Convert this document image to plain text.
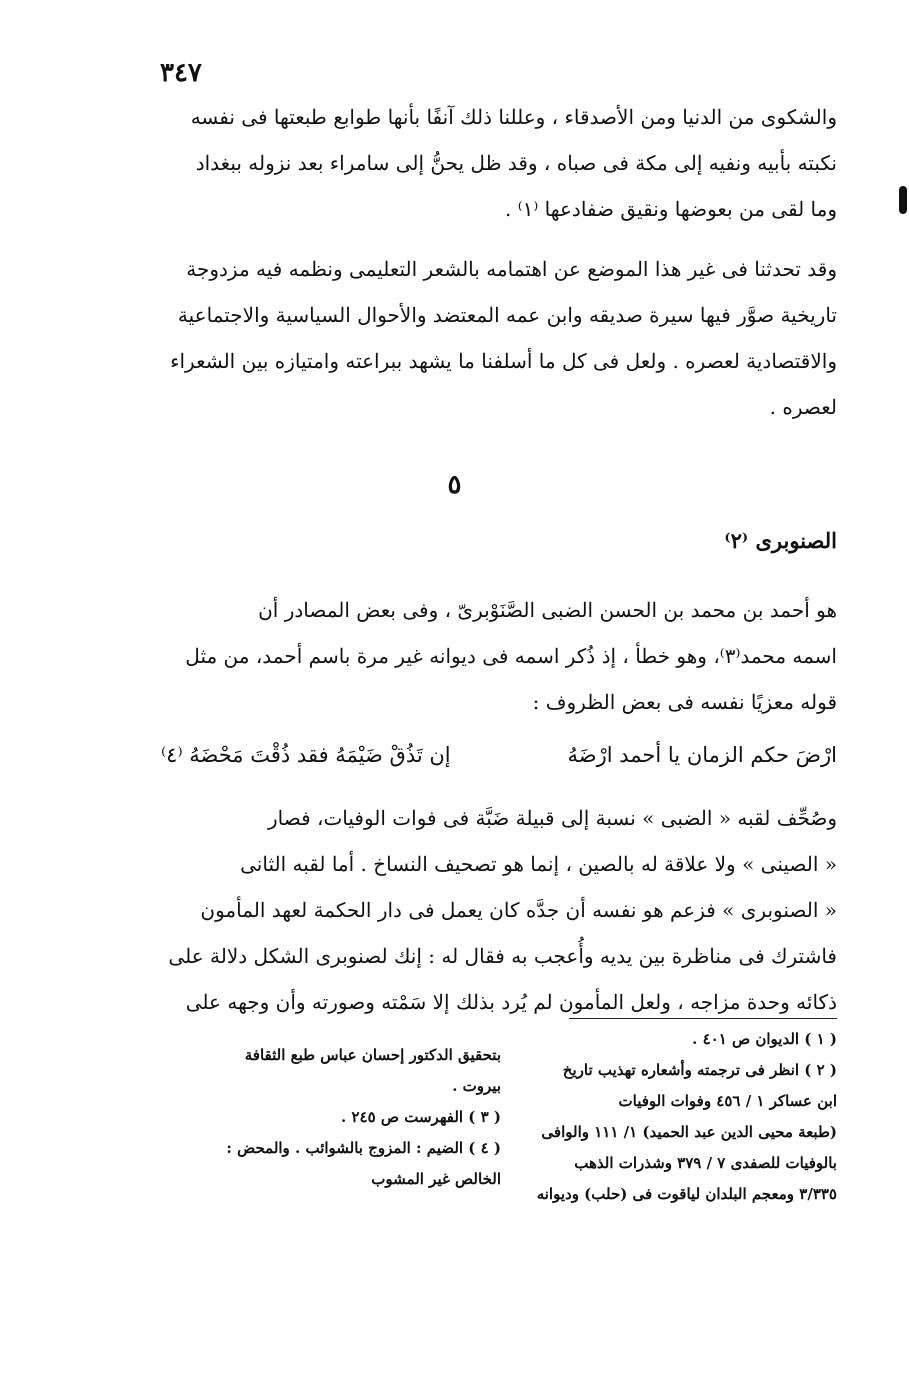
٣٤٧
والشكوى من الدنيا ومن الأصدقاء ، وعللنا ذلك آنفًا بأنها طوابع طبعتها فى نفسه
نكبته بأبيه ونفيه إلى مكة فى صباه ، وقد ظل يحنُّ إلى سامراء بعد نزوله ببغداد
وما لقى من بعوضها ونقيق ضفادعها ⁽١⁾ .
وقد تحدثنا فى غير هذا الموضع عن اهتمامه بالشعر التعليمى ونظمه فيه مزدوجة
تاريخية صوَّر فيها سيرة صديقه وابن عمه المعتضد والأحوال السياسية والاجتماعية
والاقتصادية لعصره . ولعل فى كل ما أسلفنا ما يشهد ببراعته وامتيازه بين الشعراء
لعصره .
٥
الصنوبرى ⁽٢⁾
هو أحمد بن محمد بن الحسن الضبى الصَّنَوْبرىّ ، وفى بعض المصادر أن
اسمه محمد⁽٣⁾، وهو خطأ ، إذ ذُكر اسمه فى ديوانه غير مرة باسم أحمد، من مثل
قوله معزيًا نفسه فى بعض الظروف :
ارْضَ حكم الزمان يا أحمد ارْضَهُ
إن تَذُقْ ضَيْمَهُ فقد ذُقْتَ مَحْضَهُ ⁽٤⁾
وصُحِّف لقبه « الضبى » نسبة إلى قبيلة ضَبَّة فى فوات الوفيات، فصار
« الصينى » ولا علاقة له بالصين ، إنما هو تصحيف النساخ . أما لقبه الثانى
« الصنوبرى » فزعم هو نفسه أن جدَّه كان يعمل فى دار الحكمة لعهد المأمون
فاشترك فى مناظرة بين يديه وأُعجب به فقال له : إنك لصنوبرى الشكل دلالة على
ذكائه وحدة مزاجه ، ولعل المأمون لم يُرد بذلك إلا سَمْته وصورته وأن وجهه على

( ١ ) الديوان ص ٤٠١ .

( ٢ ) انظر فى ترجمته وأشعاره تهذيب تاريخ

ابن عساكر ١ / ٤٥٦ وفوات الوفيات

(طبعة محيى الدين عبد الحميد) ١/ ١١١ والوافى

بالوفيات للصفدى ٧ / ٣٧٩ وشذرات الذهب

٣/٣٣٥ ومعجم البلدان لياقوت فى (حلب) وديوانه

بتحقيق الدكتور إحسان عباس طبع الثقافة

بيروت .

( ٣ ) الفهرست ص ٢٤٥ .

( ٤ ) الضيم : المزوج بالشوائب . والمحض :

الخالص غير المشوب
